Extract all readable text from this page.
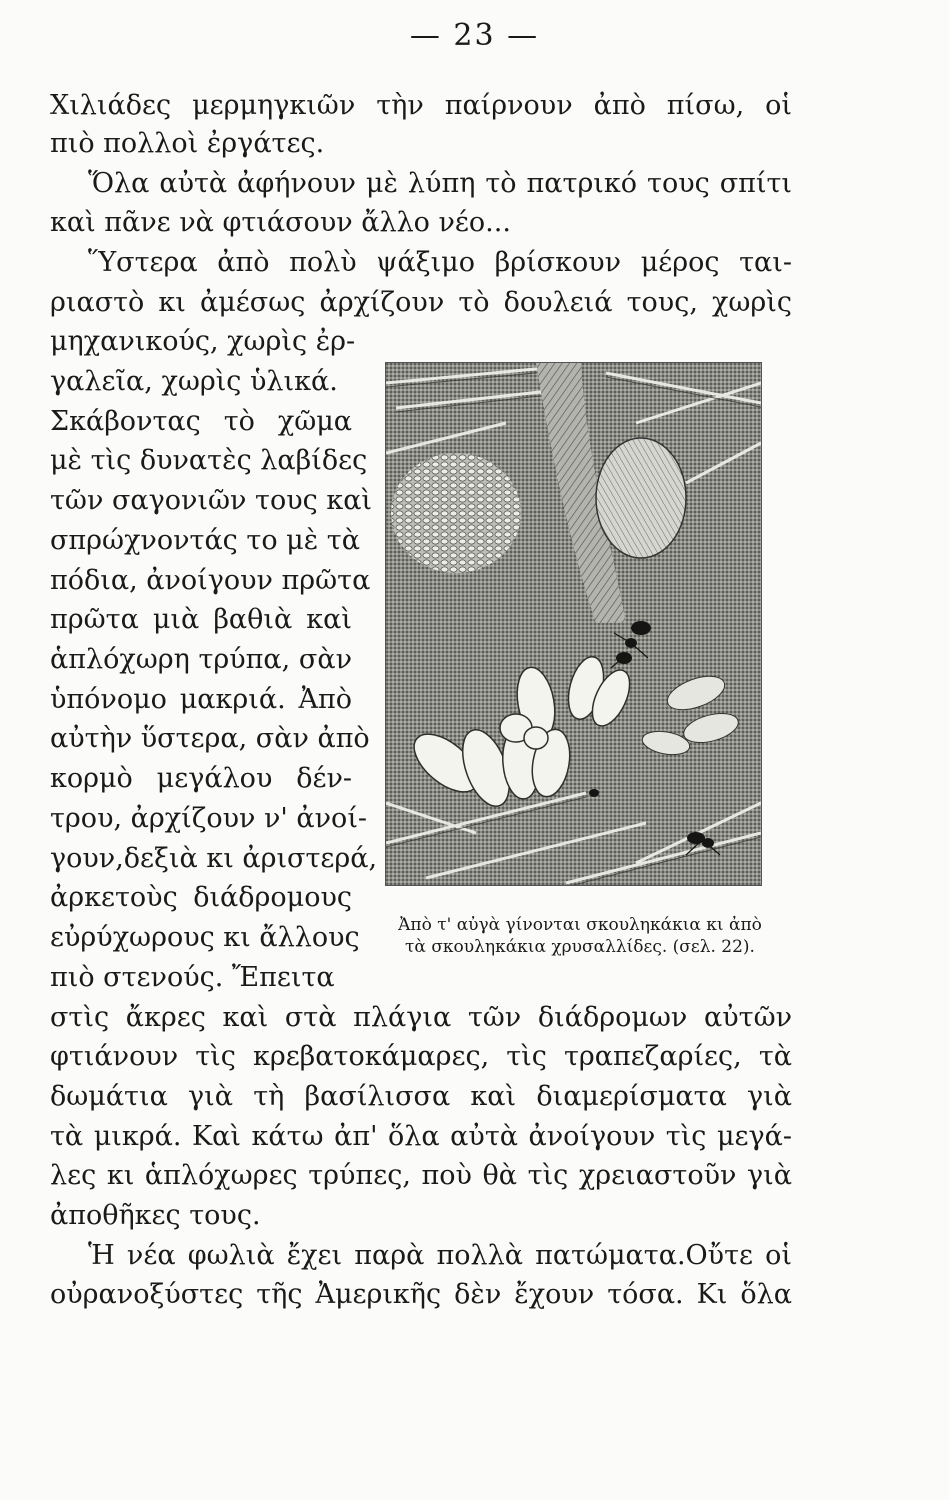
— 23 —
Χιλιάδες μερμηγκιῶν τὴν παίρνουν ἀπὸ πίσω, οἱ
πιὸ πολλοὶ ἐργάτες.
Ὅλα αὐτὰ ἀφήνουν μὲ λύπη τὸ πατρικό τους σπίτι
καὶ πᾶνε νὰ φτιάσουν ἄλλο νέο...
Ὕστερα ἀπὸ πολὺ ψάξιμο βρίσκουν μέρος ται-
ριαστὸ κι ἀμέσως ἀρχίζουν τὸ δουλειά τους, χωρὶς
μηχανικούς, χωρὶς ἐρ-
γαλεῖα, χωρὶς ὑλικά.
Σκάβοντας τὸ χῶμα
μὲ τὶς δυνατὲς λαβίδες
τῶν σαγονιῶν τους καὶ
σπρώχνοντάς το μὲ τὰ
πόδια, ἀνοίγουν πρῶτα
πρῶτα μιὰ βαθιὰ καὶ
ἁπλόχωρη τρύπα, σὰν
ὑπόνομο μακριά. Ἀπὸ
αὐτὴν ὕστερα, σὰν ἀπὸ
κορμὸ μεγάλου δέν-
τρου, ἀρχίζουν ν' ἀνοί-
γουν,δεξιὰ κι ἀριστερά,
ἀρκετοὺς διάδρομους
εὐρύχωρους κι ἄλλους
πιὸ στενούς. Ἔπειτα
Ἀπὸ τ' αὐγὰ γίνονται σκουληκάκια κι ἀπὸ
τὰ σκουληκάκια χρυσαλλίδες. (σελ. 22).
στὶς ἄκρες καὶ στὰ πλάγια τῶν διάδρομων αὐτῶν
φτιάνουν τὶς κρεβατοκάμαρες, τὶς τραπεζαρίες, τὰ
δωμάτια γιὰ τὴ βασίλισσα καὶ διαμερίσματα γιὰ
τὰ μικρά. Καὶ κάτω ἀπ' ὅλα αὐτὰ ἀνοίγουν τὶς μεγά-
λες κι ἁπλόχωρες τρύπες, ποὺ θὰ τὶς χρειαστοῦν γιὰ
ἀποθῆκες τους.
Ἡ νέα φωλιὰ ἔχει παρὰ πολλὰ πατώματα.Οὔτε οἱ
οὐρανοξύστες τῆς Ἀμερικῆς δὲν ἔχουν τόσα. Κι ὅλα
